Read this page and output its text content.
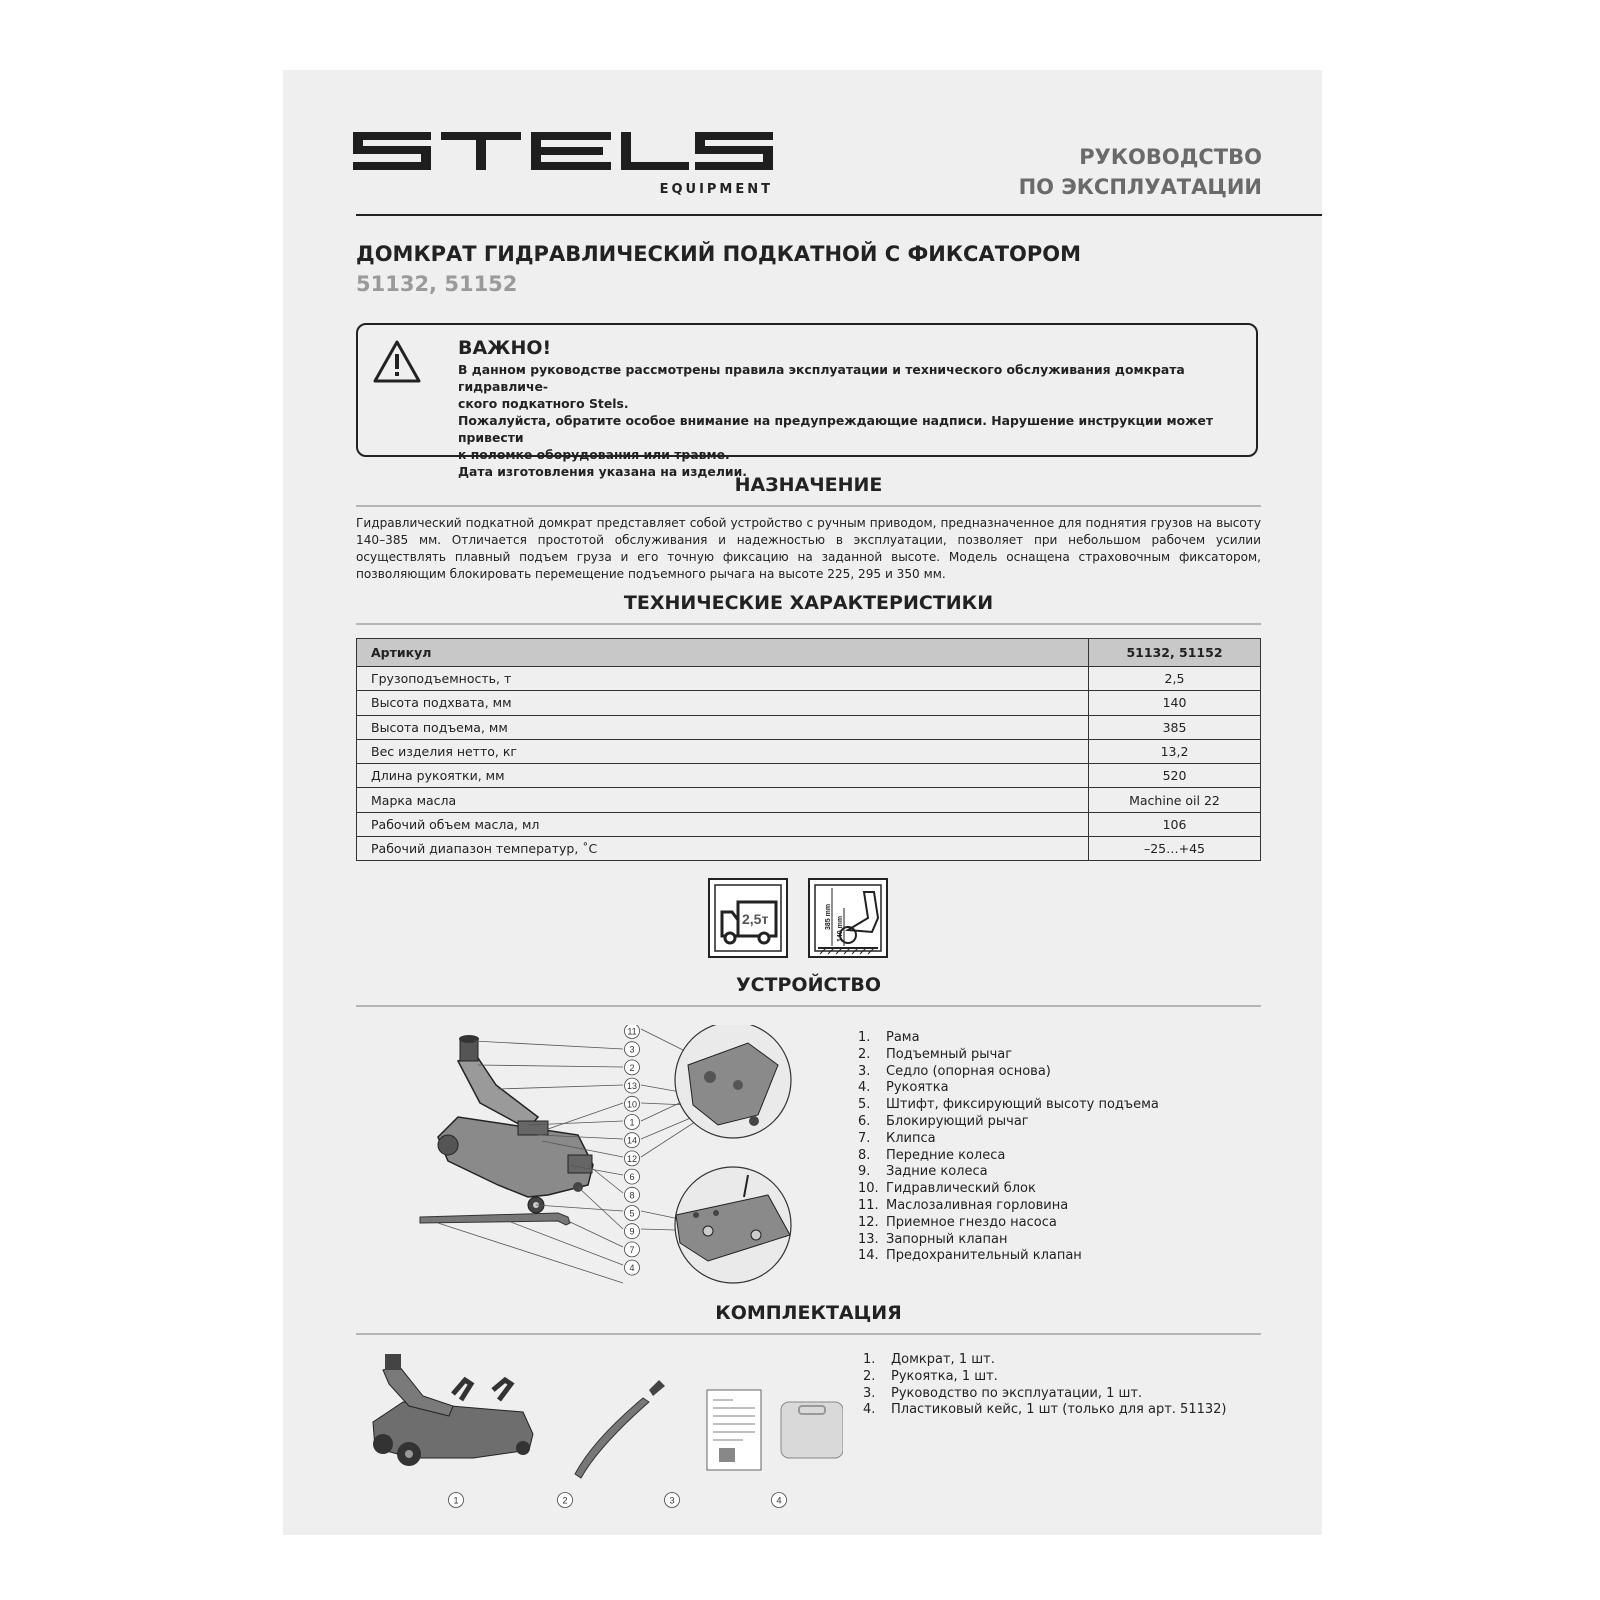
STELS	EQUIPMENT
РУКОВОДСТВО
ПО ЭКСПЛУАТАЦИИ
ДОМКРАТ ГИДРАВЛИЧЕСКИЙ ПОДКАТНОЙ С ФИКСАТОРОМ
51132, 51152
ВАЖНО!
В данном руководстве рассмотрены правила эксплуатации и технического обслуживания домкрата гидравличе-
ского подкатного Stels.
Пожалуйста, обратите особое внимание на предупреждающие надписи. Нарушение инструкции может привести
к поломке оборудования или травме.
Дата изготовления указана на изделии.
НАЗНАЧЕНИЕ
Гидравлический подкатной домкрат представляет собой устройство с ручным приводом, предназначенное для поднятия грузов на высоту 140–385 мм. Отличается простотой обслуживания и надежностью в эксплуатации, позволяет при небольшом рабочем усилии осуществлять плавный подъем груза и его точную фиксацию на заданной высоте. Модель оснащена страховочным фиксатором, позволяющим блокировать перемещение подъемного рычага на высоте 225, 295 и 350 мм.
ТЕХНИЧЕСКИЕ ХАРАКТЕРИСТИКИ
Артикул	51132, 51152
Грузоподъемность, т	2,5
Высота подхвата, мм	140
Высота подъема, мм	385
Вес изделия нетто, кг	13,2
Длина рукоятки, мм	520
Марка масла	Machine oil 22
Рабочий объем масла, мл	106
Рабочий диапазон температур, ˚С	–25…+45
2,5т	385 mm 140 mm
УСТРОЙСТВО
11
3
2
13
10
1
14
12
6
8
5
9
7
4
1.	Рама
2.	Подъемный рычаг
3.	Седло (опорная основа)
4.	Рукоятка
5.	Штифт, фиксирующий высоту подъема
6.	Блокирующий рычаг
7.	Клипса
8.	Передние колеса
9.	Задние колеса
10. Гидравлический блок
11. Маслозаливная горловина
12. Приемное гнездо насоса
13. Запорный клапан
14. Предохранительный клапан
КОМПЛЕКТАЦИЯ
1	2	3	4
1.	Домкрат, 1 шт.
2.	Рукоятка, 1 шт.
3.	Руководство по эксплуатации, 1 шт.
4.	Пластиковый кейс, 1 шт (только для арт. 51132)
